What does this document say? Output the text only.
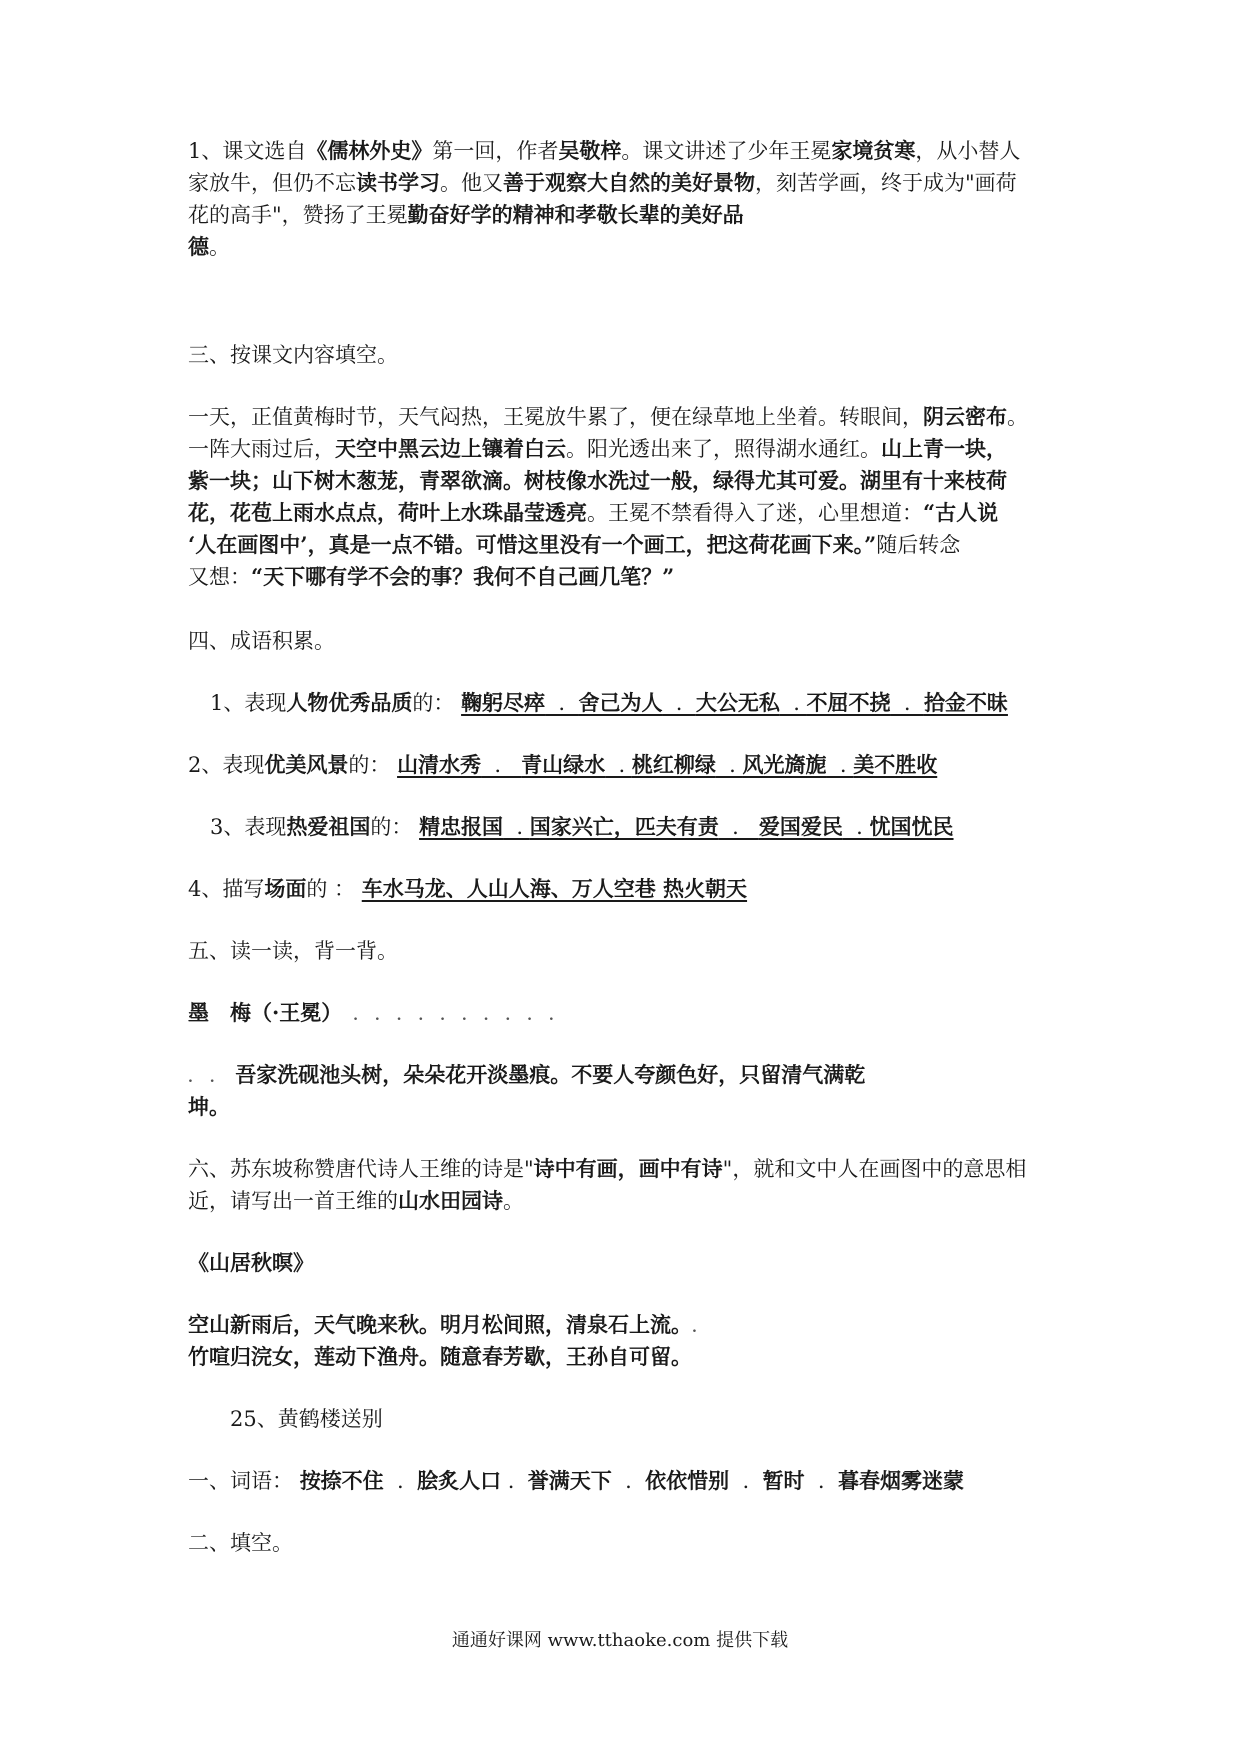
1、课文选自《儒林外史》第一回，作者吴敬梓。课文讲述了少年王冕家境贫寒，从小替人
家放牛，但仍不忘读书学习。他又善于观察大自然的美好景物，刻苦学画，终于成为"画荷
花的高手"，赞扬了王冕勤奋好学的精神和孝敬长辈的美好品
德。
三、按课文内容填空。
一天，正值黄梅时节，天气闷热，王冕放牛累了，便在绿草地上坐着。转眼间，阴云密布。
一阵大雨过后，天空中黑云边上镶着白云。阳光透出来了，照得湖水通红。山上青一块，
紫一块；山下树木葱茏，青翠欲滴。树枝像水洗过一般，绿得尤其可爱。湖里有十来枝荷
花，花苞上雨水点点，荷叶上水珠晶莹透亮。王冕不禁看得入了迷，心里想道：“古人说
‘人在画图中’，真是一点不错。可惜这里没有一个画工，把这荷花画下来。”随后转念
又想：“天下哪有学不会的事？我何不自己画几笔？”
四、成语积累。
1、表现人物优秀品质的： 鞠躬尽瘁  .  舍己为人  .  大公无私  . 不屈不挠  .  拾金不昧
2、表现优美风景的： 山清水秀  .   青山绿水  . 桃红柳绿  . 风光旖旎  . 美不胜收
3、表现热爱祖国的： 精忠报国  . 国家兴亡，匹夫有责  .   爱国爱民  . 忧国忧民
4、描写场面的 ： 车水马龙、人山人海、万人空巷 热火朝天
五、读一读，背一背。
墨　梅（·王冕） . . . . . . . . . .
. . 吾家洗砚池头树，朵朵花开淡墨痕。不要人夸颜色好，只留清气满乾
坤。
六、苏东坡称赞唐代诗人王维的诗是"诗中有画，画中有诗"，就和文中人在画图中的意思相
近，请写出一首王维的山水田园诗。
《山居秋暝》
空山新雨后，天气晚来秋。明月松间照，清泉石上流。.
竹喧归浣女，莲动下渔舟。随意春芳歇，王孙自可留。
25、黄鹤楼送别
一、词语： 按捺不住  .  脍炙人口 .  誉满天下  .  依依惜别  .  暂时  .  暮春烟雾迷蒙
二、填空。
通通好课网 www.tthaoke.com 提供下载
